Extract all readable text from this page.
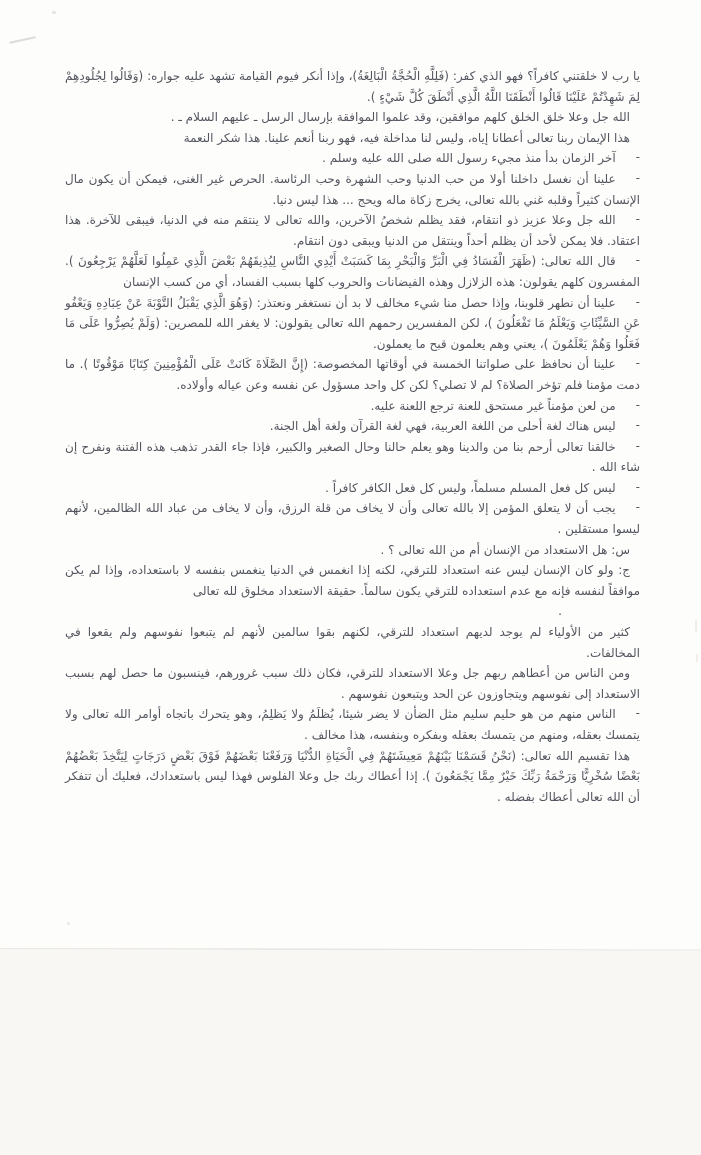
يا رب لا خلقتني كافراً؟ فهو الذي كفر: (فَلِلَّهِ الْحُجَّةُ الْبَالِغَةُ)، وإذا أنكر فيوم القيامة تشهد عليه جواره: (وَقَالُوا لِجُلُودِهِمْ لِمَ شَهِدْتُمْ عَلَيْنَا قَالُوا أَنْطَقَنَا اللَّهُ الَّذِي أَنْطَقَ كُلَّ شَيْءٍ ).

الله جل وعلا خلق الخلق كلهم موافقين، وقد علموا الموافقة بإرسال الرسل ـ عليهم السلام ـ .

هذا الإيمان ربنا تعالى أعطانا إياه، وليس لنا مداخلة فيه، فهو ربنا أنعم علينا. هذا شكر النعمة

-آخر الزمان بدأ منذ مجيء رسول الله صلى الله عليه وسلم .

-علينا أن نغسل داخلنا أولا من حب الدنيا وحب الشهرة وحب الرئاسة. الحرص غير الغنى، فيمكن أن يكون مال الإنسان كثيراً وقلبه غني بالله تعالى، يخرج زكاة ماله ويحج ... هذا ليس دنيا.

-الله جل وعلا عزيز ذو انتقام، فقد يظلم شخصُ الآخرين، والله تعالى لا ينتقم منه في الدنيا، فيبقى للآخرة. هذا اعتقاد. فلا يمكن لأحد أن يظلم أحداً وينتقل من الدنيا ويبقى دون انتقام.

-قال الله تعالى: (ظَهَرَ الْفَسَادُ فِي الْبَرِّ وَالْبَحْرِ بِمَا كَسَبَتْ أَيْدِي النَّاسِ لِيُذِيقَهُمْ بَعْضَ الَّذِي عَمِلُوا لَعَلَّهُمْ يَرْجِعُونَ ). المفسرون كلهم يقولون: هذه الزلازل وهذه الفيضانات والحروب كلها بسبب الفساد، أي من كسب الإنسان

-علينا أن نطهر قلوبنا، وإذا حصل منا شيء مخالف لا بد أن نستغفر ونعتذر: (وَهُوَ الَّذِي يَقْبَلُ التَّوْبَةَ عَنْ عِبَادِهِ وَيَعْفُو عَنِ السَّيِّئَاتِ وَيَعْلَمُ مَا تَفْعَلُونَ )، لكن المفسرين رحمهم الله تعالى يقولون: لا يغفر الله للمصرين: (وَلَمْ يُصِرُّوا عَلَى مَا فَعَلُوا وَهُمْ يَعْلَمُونَ )، يعني وهم يعلمون قبح ما يعملون.

-علينا أن نحافظ على صلواتنا الخمسة في أوقاتها المخصوصة: (إِنَّ الصَّلَاةَ كَانَتْ عَلَى الْمُؤْمِنِينَ كِتَابًا مَوْقُوتًا ). ما دمت مؤمنا فلم تؤخر الصلاة؟ لم لا تصلي؟ لكن كل واحد مسؤول عن نفسه وعن عياله وأولاده.

-من لعن مؤمناً غير مستحق للعنة ترجع اللعنة عليه.

-ليس هناك لغة أحلى من اللغة العربية، فهي لغة القرآن ولغة أهل الجنة.

-خالقنا تعالى أرحم بنا من والدينا وهو يعلم حالنا وحال الصغير والكبير، فإذا جاء القدر تذهب هذه الفتنة ونفرح إن شاء الله .

-ليس كل فعل المسلم مسلماً، وليس كل فعل الكافر كافراً .

-يجب أن لا يتعلق المؤمن إلا بالله تعالى وأن لا يخاف من قلة الرزق، وأن لا يخاف من عباد الله الظالمين، لأنهم ليسوا مستقلين .

س: هل الاستعداد من الإنسان أم من الله تعالى ؟ .

ج: ولو كان الإنسان ليس عنه استعداد للترقي، لكنه إذا انغمس في الدنيا ينغمس بنفسه لا باستعداده، وإذا لم يكن موافقاً لنفسه فإنه مع عدم استعداده للترقي يكون سالماً. حقيقة الاستعداد مخلوق لله تعالى

.

كثير من الأولياء لم يوجد لديهم استعداد للترقي، لكنهم بقوا سالمين لأنهم لم يتبعوا نفوسهم ولم يقعوا في المخالفات.

ومن الناس من أعطاهم ربهم جل وعلا الاستعداد للترقي، فكان ذلك سبب غرورهم، فينسبون ما حصل لهم بسبب الاستعداد إلى نفوسهم ويتجاوزون عن الحد ويتبعون نفوسهم .

-الناس منهم من هو حليم سليم مثل الضأن لا يضر شيئا، يُظلَمُ ولا يَظلِمُ، وهو يتحرك باتجاه أوامر الله تعالى ولا يتمسك بعقله، ومنهم من يتمسك بعقله وبفكره وبنفسه، هذا مخالف .

هذا تقسيم الله تعالى: (نَحْنُ قَسَمْنَا بَيْنَهُمْ مَعِيشَتَهُمْ فِي الْحَيَاةِ الدُّنْيَا وَرَفَعْنَا بَعْضَهُمْ فَوْقَ بَعْضٍ دَرَجَاتٍ لِيَتَّخِذَ بَعْضُهُمْ بَعْضًا سُخْرِيًّا وَرَحْمَةُ رَبِّكَ خَيْرٌ مِمَّا يَجْمَعُونَ ). إذا أعطاك ربك جل وعلا الفلوس فهذا ليس باستعدادك، فعليك أن تتفكر أن الله تعالى أعطاك بفضله .
